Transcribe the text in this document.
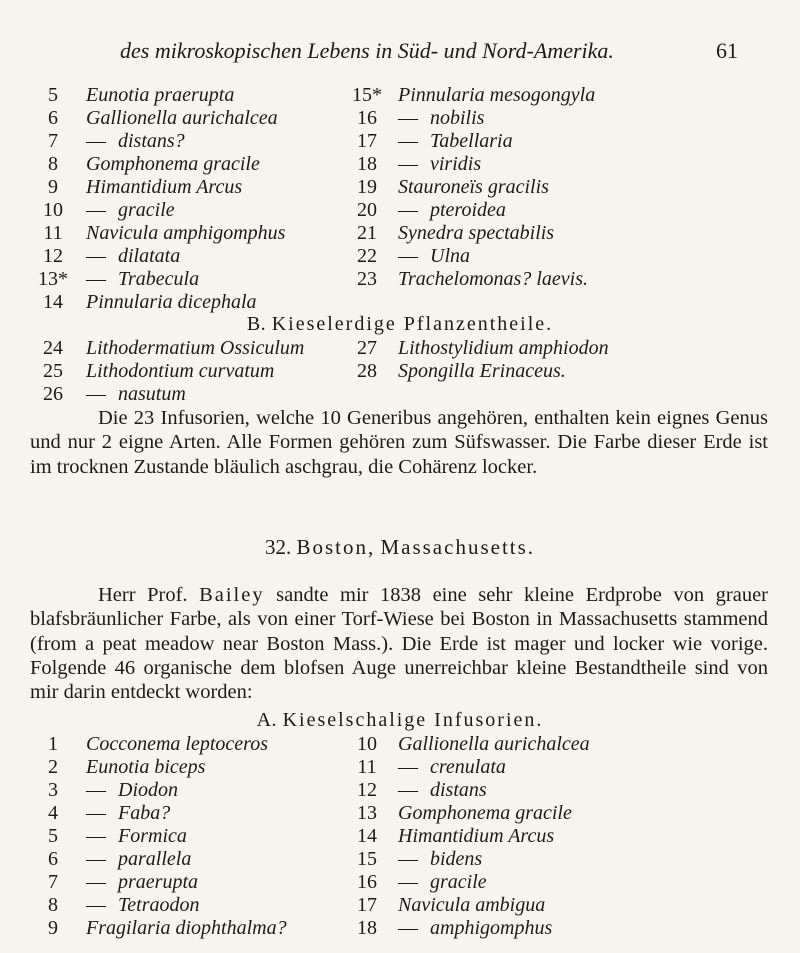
des mikroskopischen Lebens in Süd- und Nord-Amerika.	61
5	Eunotia praerupta
6	Gallionella aurichalcea
7	— distans?
8	Gomphonema gracile
9	Himantidium Arcus
10	— gracile
11	Navicula amphigomphus
12	— dilatata
13* — Trabecula
14	Pinnularia dicephala
15* Pinnularia mesogongyla
16	— nobilis
17	— Tabellaria
18	— viridis
19	Stauroneïs gracilis
20	— pteroidea
21	Synedra spectabilis
22	— Ulna
23	Trachelomonas? laevis.
B. Kieselerdige Pflanzentheile.
24	Lithodermatium Ossiculum
25	Lithodontium curvatum
26	— nasutum
27	Lithostylidium amphiodon
28	Spongilla Erinaceus.
Die 23 Infusorien, welche 10 Generibus angehören, enthalten kein eignes Genus und nur 2 eigne Arten. Alle Formen gehören zum Süfswasser. Die Farbe dieser Erde ist im trocknen Zustande bläulich aschgrau, die Cohärenz locker.
32. Boston, Massachusetts.
Herr Prof. Bailey sandte mir 1838 eine sehr kleine Erdprobe von grauer blafsbräunlicher Farbe, als von einer Torf-Wiese bei Boston in Massachusetts stammend (from a peat meadow near Boston Mass.). Die Erde ist mager und locker wie vorige. Folgende 46 organische dem blofsen Auge unerreichbar kleine Bestandtheile sind von mir darin entdeckt worden:
A. Kieselschalige Infusorien.
1	Cocconema leptoceros
2	Eunotia biceps
3	— Diodon
4	— Faba?
5	— Formica
6	— parallela
7	— praerupta
8	— Tetraodon
9	Fragilaria diophthalma?
10	Gallionella aurichalcea
11	— crenulata
12	— distans
13	Gomphonema gracile
14	Himantidium Arcus
15	— bidens
16	— gracile
17	Navicula ambigua
18	— amphigomphus
